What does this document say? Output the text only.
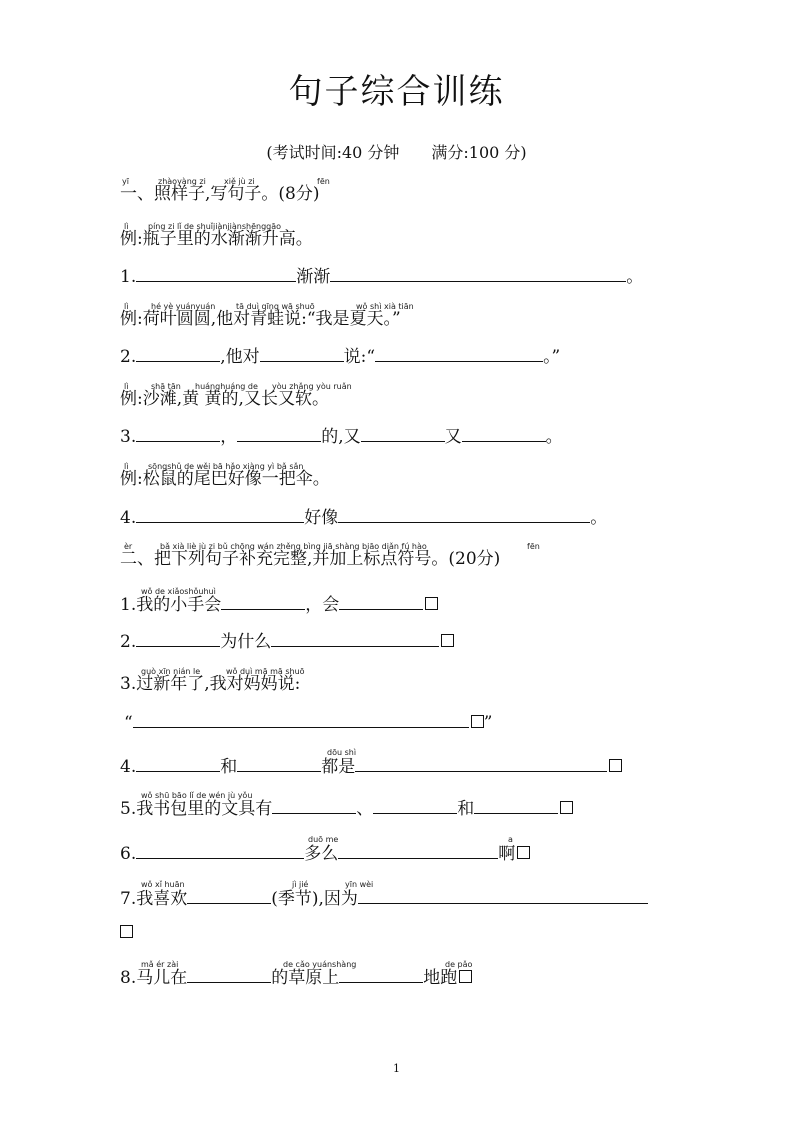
句子综合训练
(考试时间:40 分钟　　满分:100 分)
yī	zhàoyàng zi xiě jù zi	fēn
一、照样子,写句子。(8分)
lì píng zi lǐ de shuǐjiànjiànshēnggāo
例:瓶子里的水渐渐升高。
1.	渐渐	。
lì	hé yè yuányuán	tā duì qīng wā shuō	wǒ shì xià tiān
例:荷叶圆圆,他对青蛙说:“我是夏天。”
2.	,他对	说:“	。”
lì	shā tān huánghuáng de yòu zhǎng yòu ruǎn
例:沙滩,黄 黄的,又长又软。
3.	，	的,又	又	。
lì sōngshǔ de wěi bā hǎo xiàng yì bǎ sǎn
例:松鼠的尾巴好像一把伞。
4.	好像	。
èr	bǎ xià liè jù zi bǔ chōng wán zhěng bìng jiā shàng biāo diǎn fú hào	fēn
二、把下列句子补充完整,并加上标点符号。(20分)
wǒ de xiǎoshǒuhuì
1.我的小手会	，会
2.	为什么
guò xīn nián le	wǒ duì mā mā shuō
3.过新年了,我对妈妈说:
“	”
dōu shì
4.	和	都是
wǒ shū bāo lǐ de wén jù yǒu
5.我书包里的文具有	、	和
duō me	a
6.	多么	啊
wǒ xǐ huān	jì jié	yīn wèi
7.我喜欢	(季节),因为
mǎ ér zài	de cǎo yuánshàng	de pǎo
8.马儿在	的草原上	地跑
1
